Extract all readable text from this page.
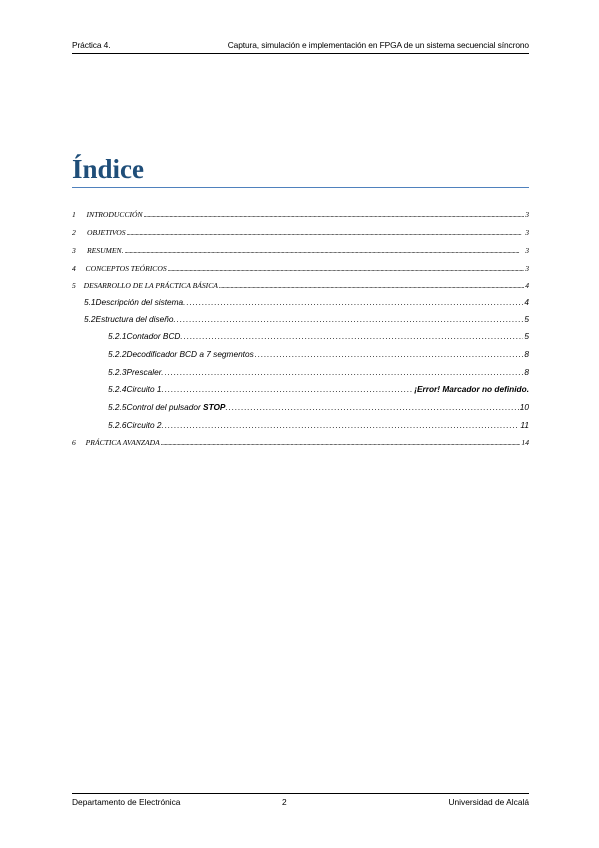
Práctica 4.	Captura, simulación e implementación en FPGA de un sistema secuencial síncrono
Índice
1	INTRODUCCIÓN .....	3
2	OBJETIVOS .....	3
3	RESUMEN. .....	3
4	CONCEPTOS TEÓRICOS .....	3
5	DESARROLLO DE LA PRÁCTICA BÁSICA .....	4
5.1 Descripción del sistema. .....	4
5.2 Estructura del diseño. .....	5
5.2.1 Contador BCD. .....	5
5.2.2 Decodificador BCD a 7 segmentos .....	8
5.2.3 Prescaler. .....	8
5.2.4 Circuito 1. .....	¡Error! Marcador no definido.
5.2.5 Control del pulsador STOP. .....	10
5.2.6 Circuito 2. .....	11
6	PRÁCTICA AVANZADA .....	14
Departamento de Electrónica	2	Universidad de Alcalá
